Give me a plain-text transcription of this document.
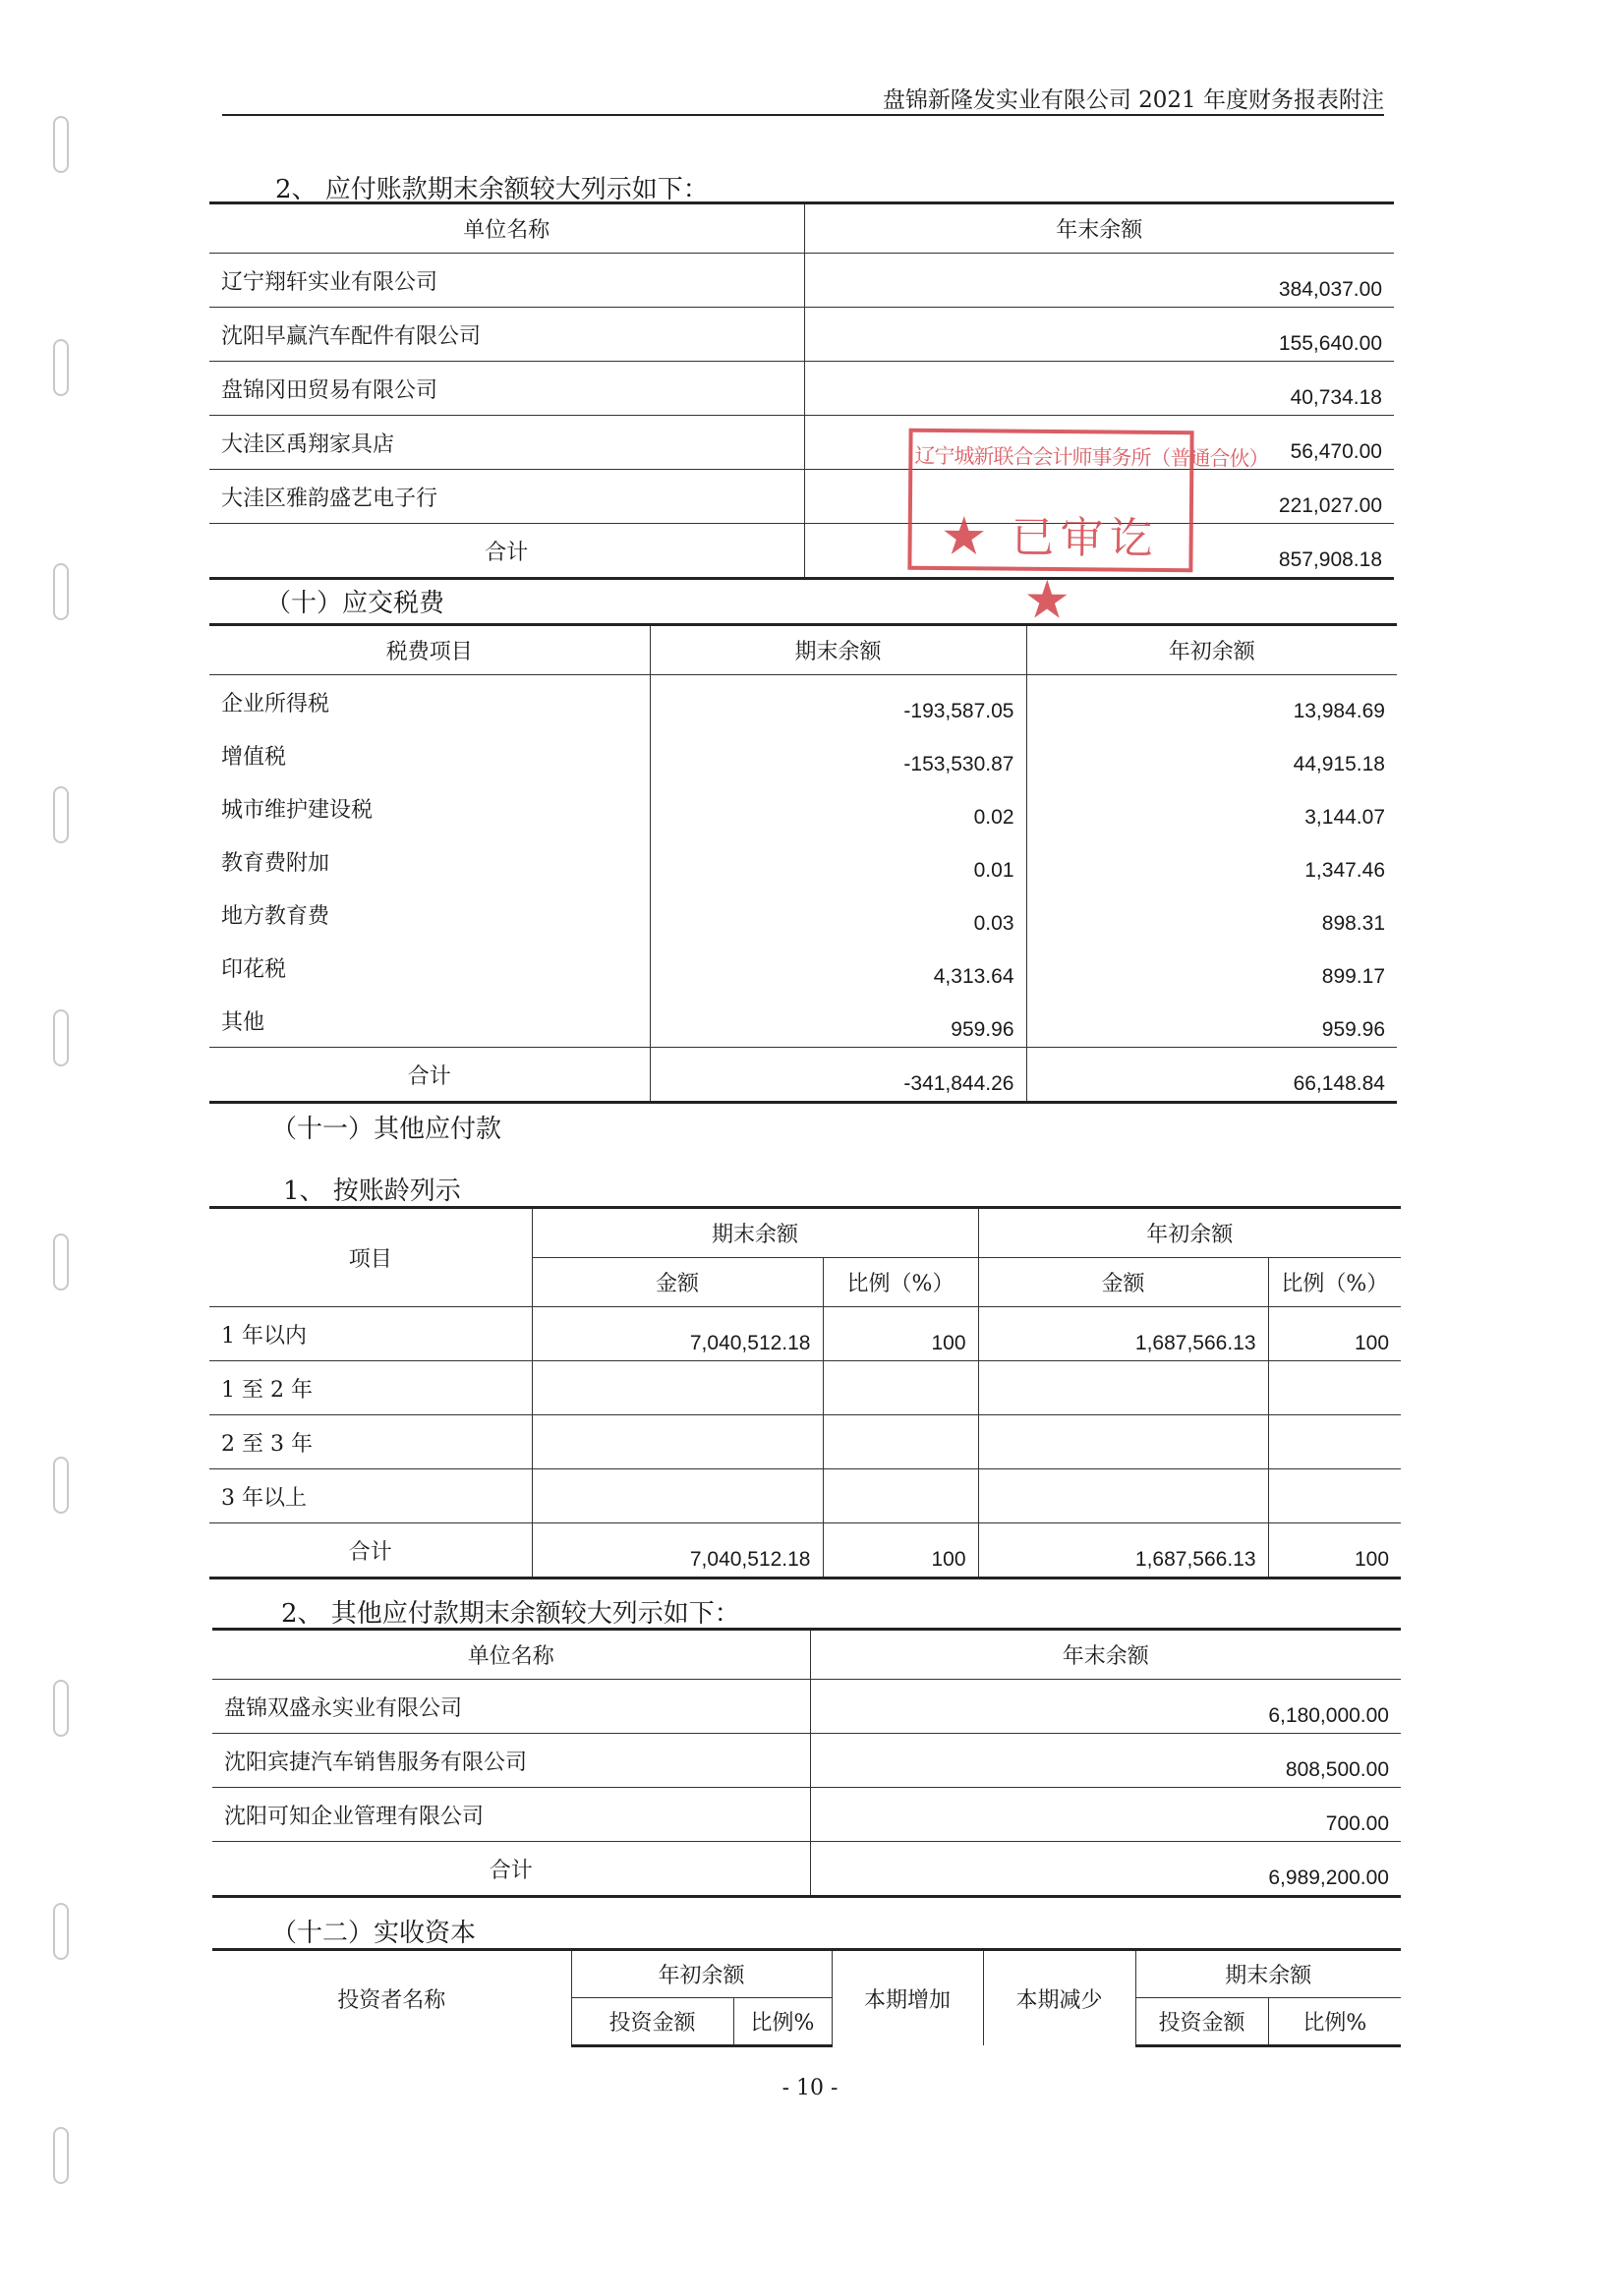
盘锦新隆发实业有限公司 2021 年度财务报表附注
2、 应付账款期末余额较大列示如下：
单位名称	年末余额
辽宁翔轩实业有限公司	384,037.00
沈阳早赢汽车配件有限公司	155,640.00
盘锦冈田贸易有限公司	40,734.18
大洼区禹翔家具店	56,470.00
大洼区雅韵盛艺电子行	221,027.00
合计	857,908.18
辽宁城新联合会计师事务所（普通合伙）
★ 已审讫 ★
（十）应交税费
税费项目	期末余额	年初余额
企业所得税	-193,587.05	13,984.69
增值税	-153,530.87	44,915.18
城市维护建设税	0.02	3,144.07
教育费附加	0.01	1,347.46
地方教育费	0.03	898.31
印花税	4,313.64	899.17
其他	959.96	959.96
合计	-341,844.26	66,148.84
（十一）其他应付款
1、 按账龄列示
项目	期末余额		年初余额	
	金额	比例（%）	金额	比例（%）
1 年以内	7,040,512.18	100	1,687,566.13	100
1 至 2 年				
2 至 3 年				
3 年以上				
合计	7,040,512.18	100	1,687,566.13	100
2、 其他应付款期末余额较大列示如下：
单位名称	年末余额
盘锦双盛永实业有限公司	6,180,000.00
沈阳宾捷汽车销售服务有限公司	808,500.00
沈阳可知企业管理有限公司	700.00
合计	6,989,200.00
（十二）实收资本
投资者名称	年初余额		本期增加	本期减少	期末余额	
	投资金额	比例%			投资金额	比例%
- 10 -
